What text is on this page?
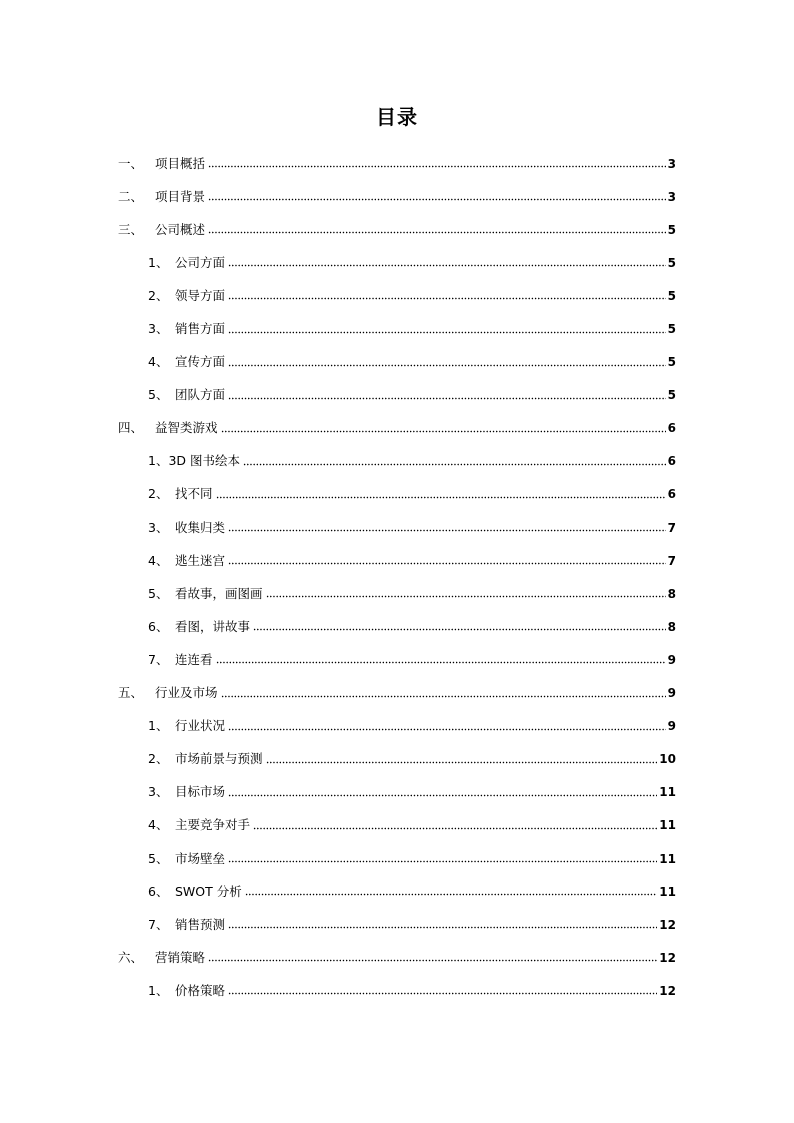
目录
一、 项目概括	3
二、 项目背景	3
三、 公司概述	5
1、 公司方面	5
2、 领导方面	5
3、 销售方面	5
4、 宣传方面	5
5、 团队方面	5
四、 益智类游戏	6
1、 3D 图书绘本	6
2、 找不同	6
3、 收集归类	7
4、 逃生迷宫	7
5、 看故事，画图画	8
6、 看图，讲故事	8
7、 连连看	9
五、 行业及市场	9
1、 行业状况	9
2、 市场前景与预测	10
3、 目标市场	11
4、 主要竞争对手	11
5、 市场壁垒	11
6、 SWOT 分析	11
7、 销售预测	12
六、 营销策略	12
1、 价格策略	12
